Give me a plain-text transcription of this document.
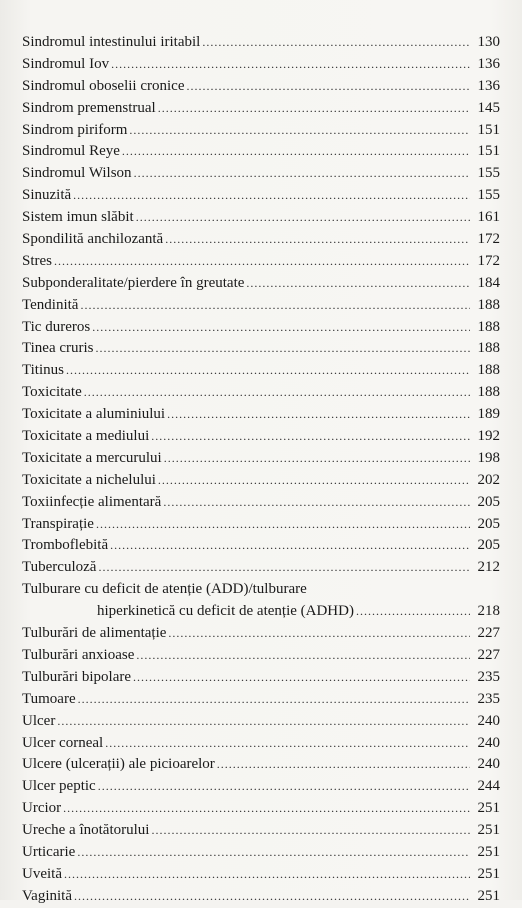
Sindromul intestinului iritabil .....	130
Sindromul Iov .....	136
Sindromul oboselii cronice .....	136
Sindrom premenstrual .....	145
Sindrom piriform .....	151
Sindromul Reye .....	151
Sindromul Wilson .....	155
Sinuzită .....	155
Sistem imun slăbit .....	161
Spondilită anchilozantă .....	172
Stres .....	172
Subponderalitate/pierdere în greutate .....	184
Tendinită .....	188
Tic dureros .....	188
Tinea cruris .....	188
Titinus .....	188
Toxicitate .....	188
Toxicitate a aluminiului .....	189
Toxicitate a mediului .....	192
Toxicitate a mercurului .....	198
Toxicitate a nichelului .....	202
Toxiinfecție alimentară .....	205
Transpirație .....	205
Tromboflebită .....	205
Tuberculoză .....	212
Tulburare cu deficit de atenție (ADD)/tulburare
hiperkinetică cu deficit de atenție (ADHD) .....	218
Tulburări de alimentație .....	227
Tulburări anxioase .....	227
Tulburări bipolare .....	235
Tumoare .....	235
Ulcer .....	240
Ulcer corneal .....	240
Ulcere (ulcerații) ale picioarelor .....	240
Ulcer peptic .....	244
Urcior .....	251
Ureche a înotătorului .....	251
Urticarie .....	251
Uveită .....	251
Vaginită .....	251
